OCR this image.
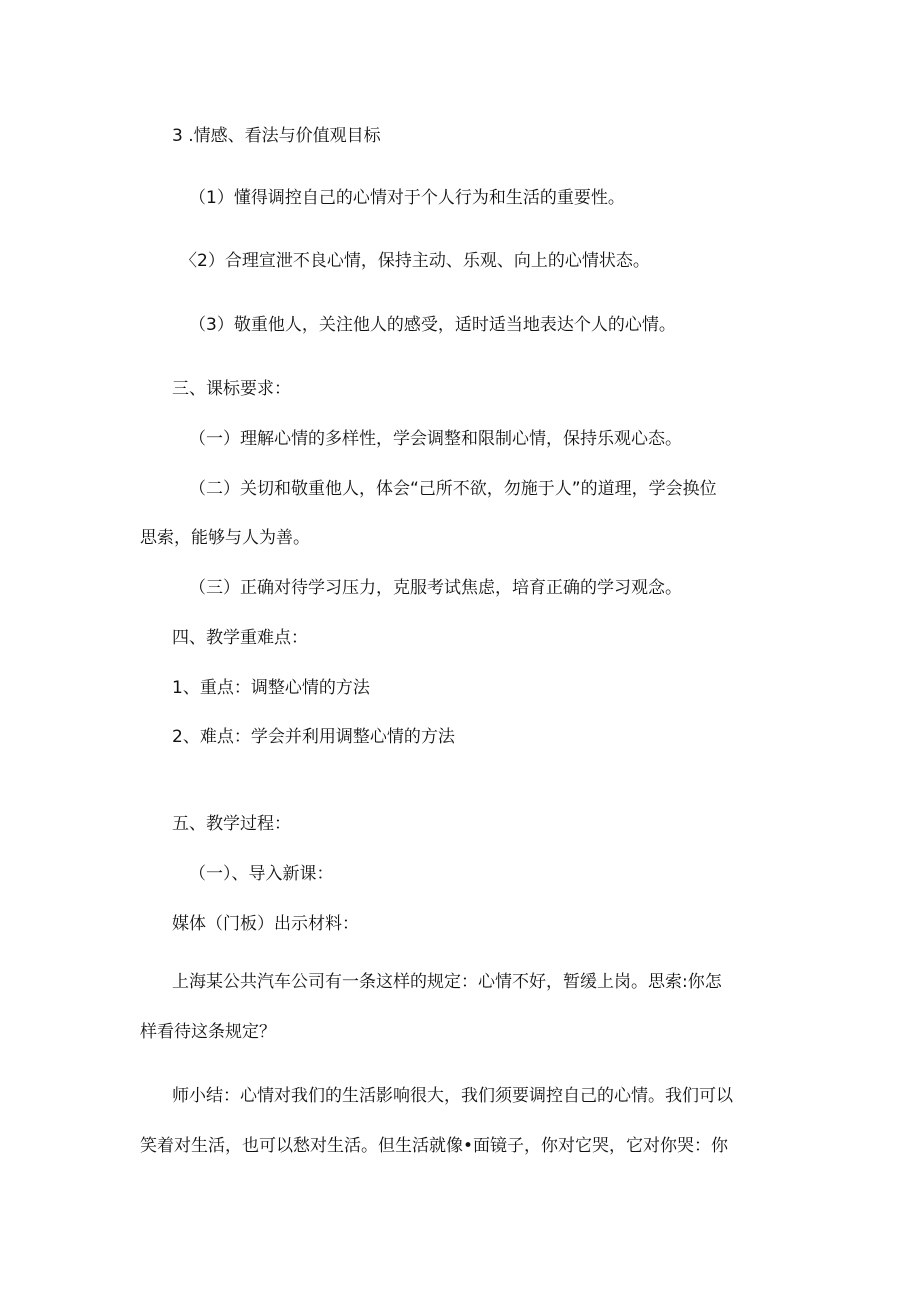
3 .情感、看法与价值观目标
（1）懂得调控自己的心情对于个人行为和生活的重要性。
〈2）合理宣泄不良心情，保持主动、乐观、向上的心情状态。
（3）敬重他人，关注他人的感受，适时适当地表达个人的心情。
三、课标要求：
（一）理解心情的多样性，学会调整和限制心情，保持乐观心态。
（二）关切和敬重他人，体会“己所不欲，勿施于人”的道理，学会换位
思索，能够与人为善。
（三）正确对待学习压力，克服考试焦虑，培育正确的学习观念。
四、教学重难点：
1、重点：调整心情的方法
2、难点：学会并利用调整心情的方法
五、教学过程：
（一）、导入新课：
媒体（门板）出示材料：
上海某公共汽车公司有一条这样的规定：心情不好，暂缓上岗。思索:你怎
样看待这条规定？
师小结：心情对我们的生活影响很大，我们须要调控自己的心情。我们可以
笑着对生活，也可以愁对生活。但生活就像•面镜子，你对它哭，它对你哭：你
